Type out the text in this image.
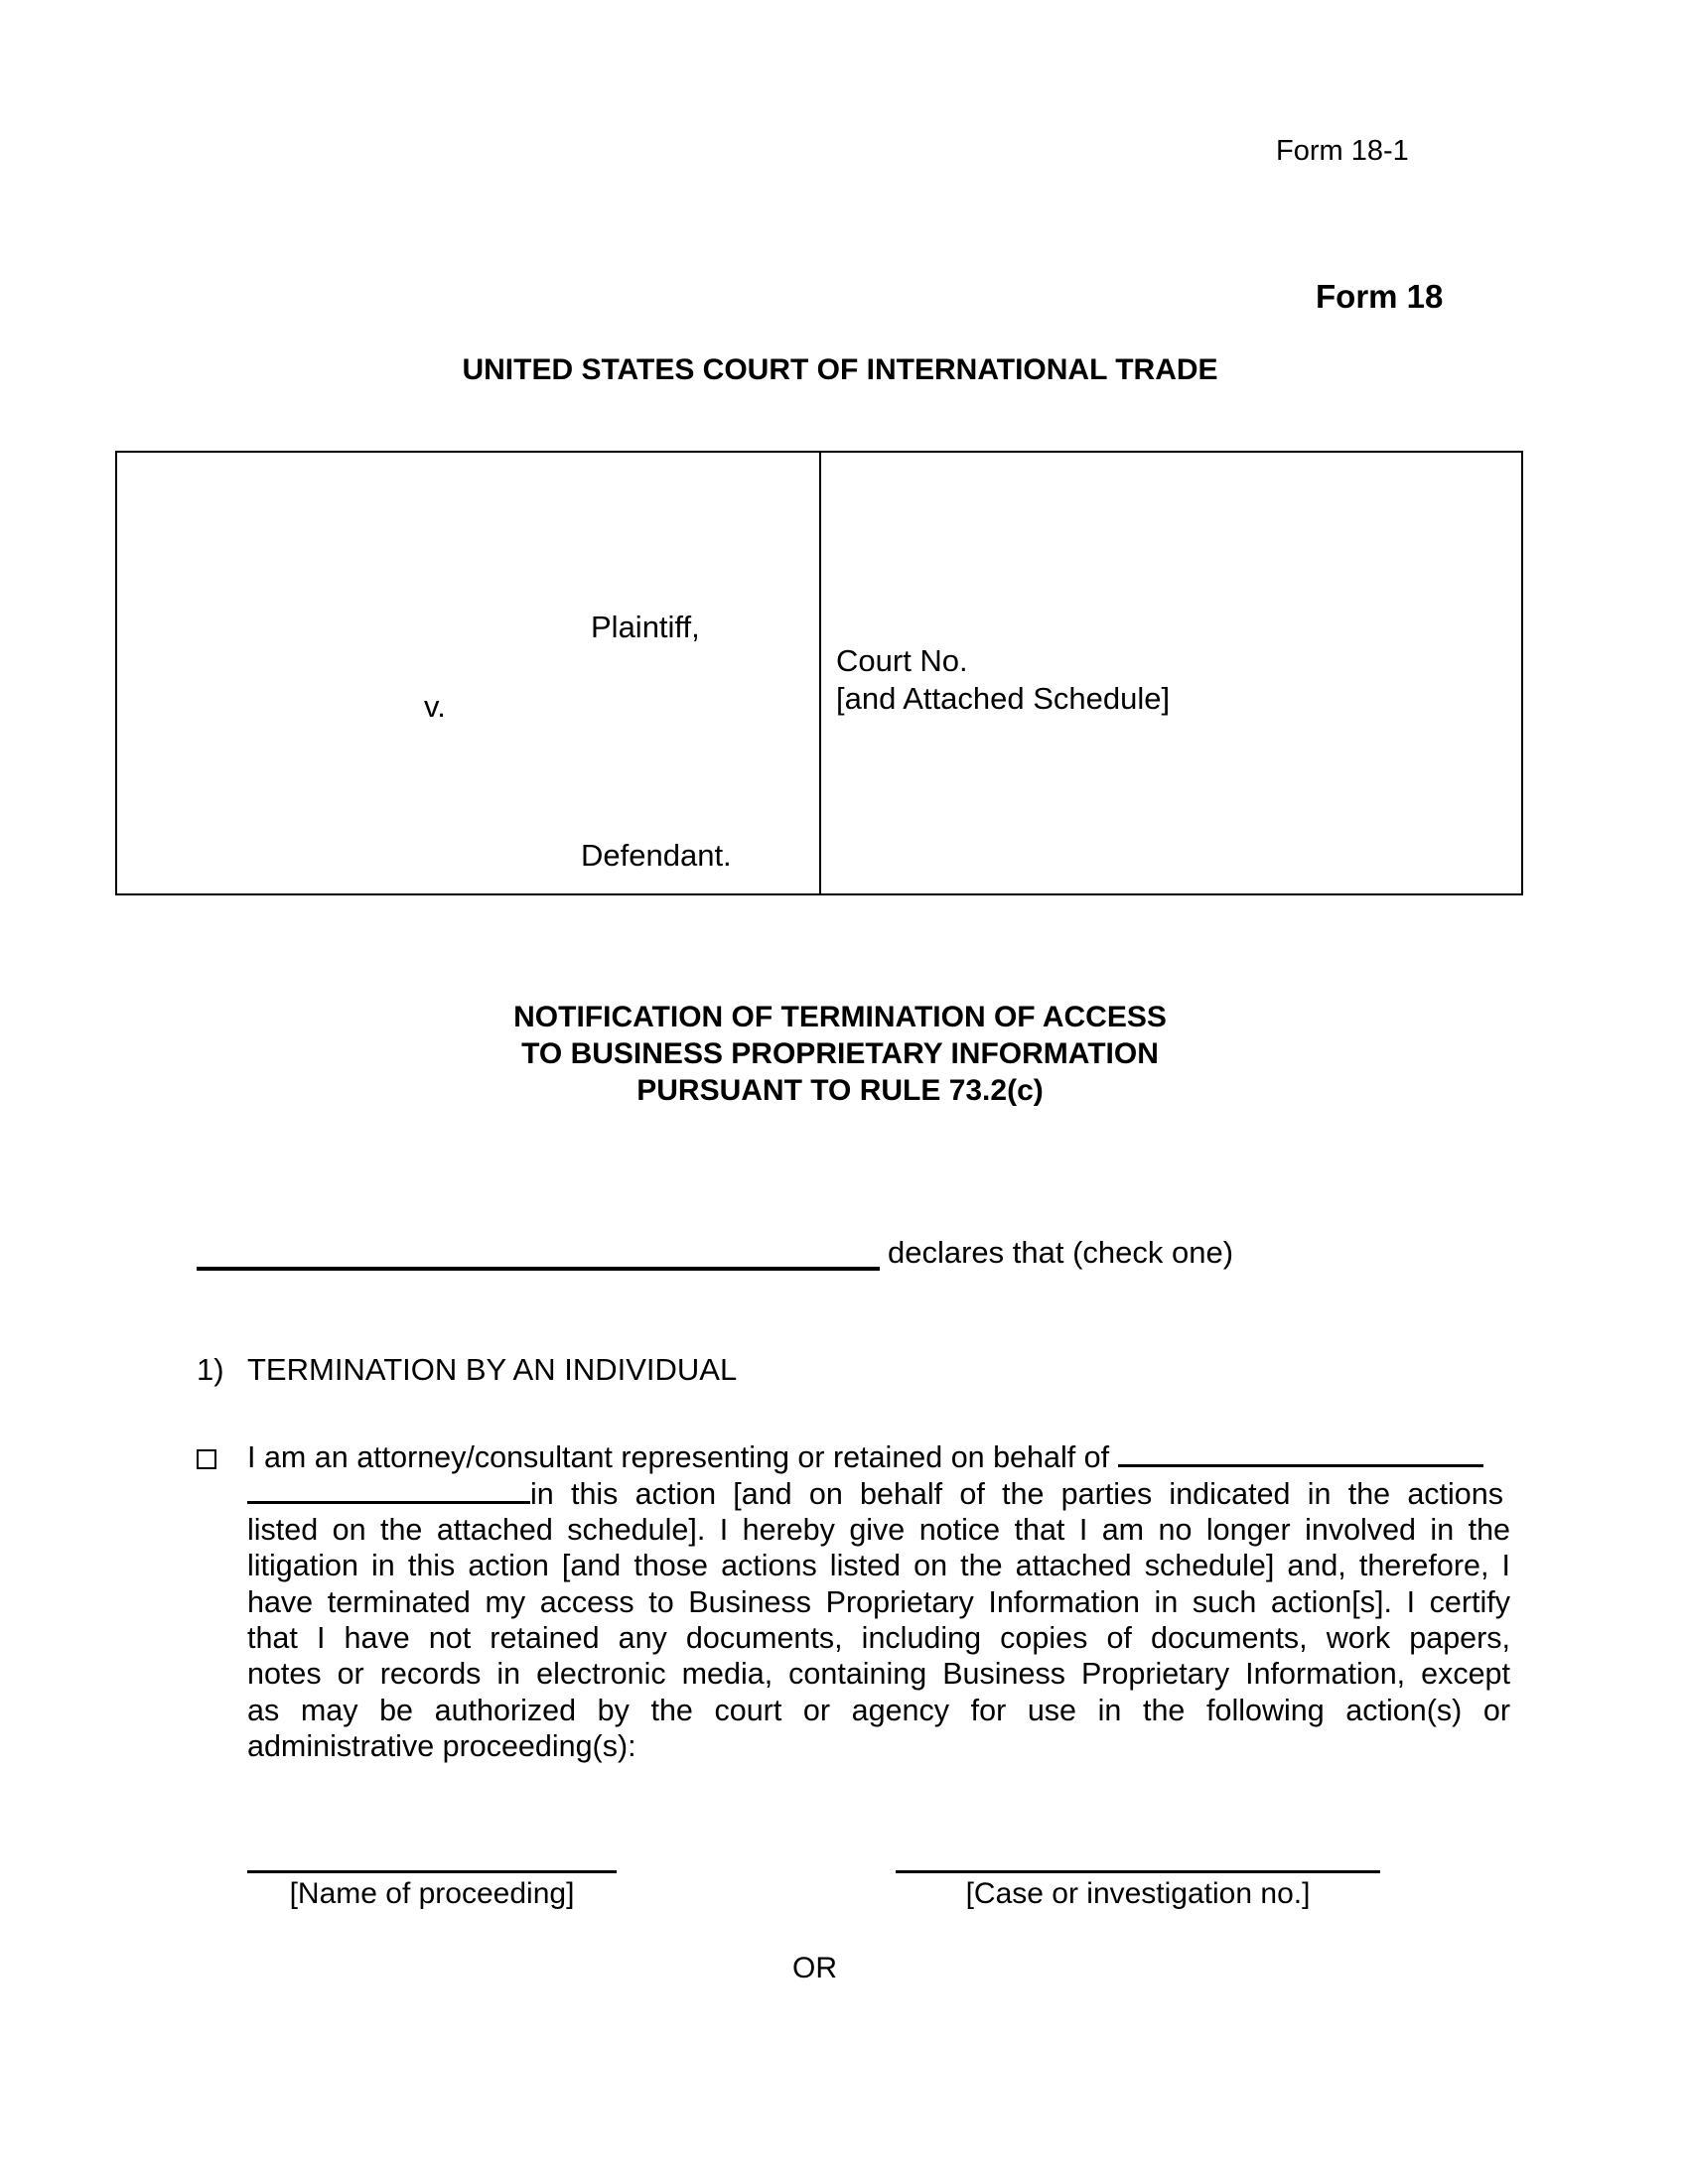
Form 18-1
Form 18
UNITED STATES COURT OF INTERNATIONAL TRADE
Plaintiff,
v.
Defendant.
Court No.
[and Attached Schedule]
NOTIFICATION OF TERMINATION OF ACCESS
TO BUSINESS PROPRIETARY INFORMATION
PURSUANT TO RULE 73.2(c)
declares that (check one)
1) TERMINATION BY AN INDIVIDUAL
I am an attorney/consultant representing or retained on behalf of
in this action [and on behalf of the parties indicated in the actions
listed on the attached schedule]. I hereby give notice that I am no longer involved in the
litigation in this action [and those actions listed on the attached schedule] and, therefore, I
have terminated my access to Business Proprietary Information in such action[s]. I certify
that I have not retained any documents, including copies of documents, work papers,
notes or records in electronic media, containing Business Proprietary Information, except
as may be authorized by the court or agency for use in the following action(s) or
administrative proceeding(s):
[Name of proceeding]	[Case or investigation no.]
OR
